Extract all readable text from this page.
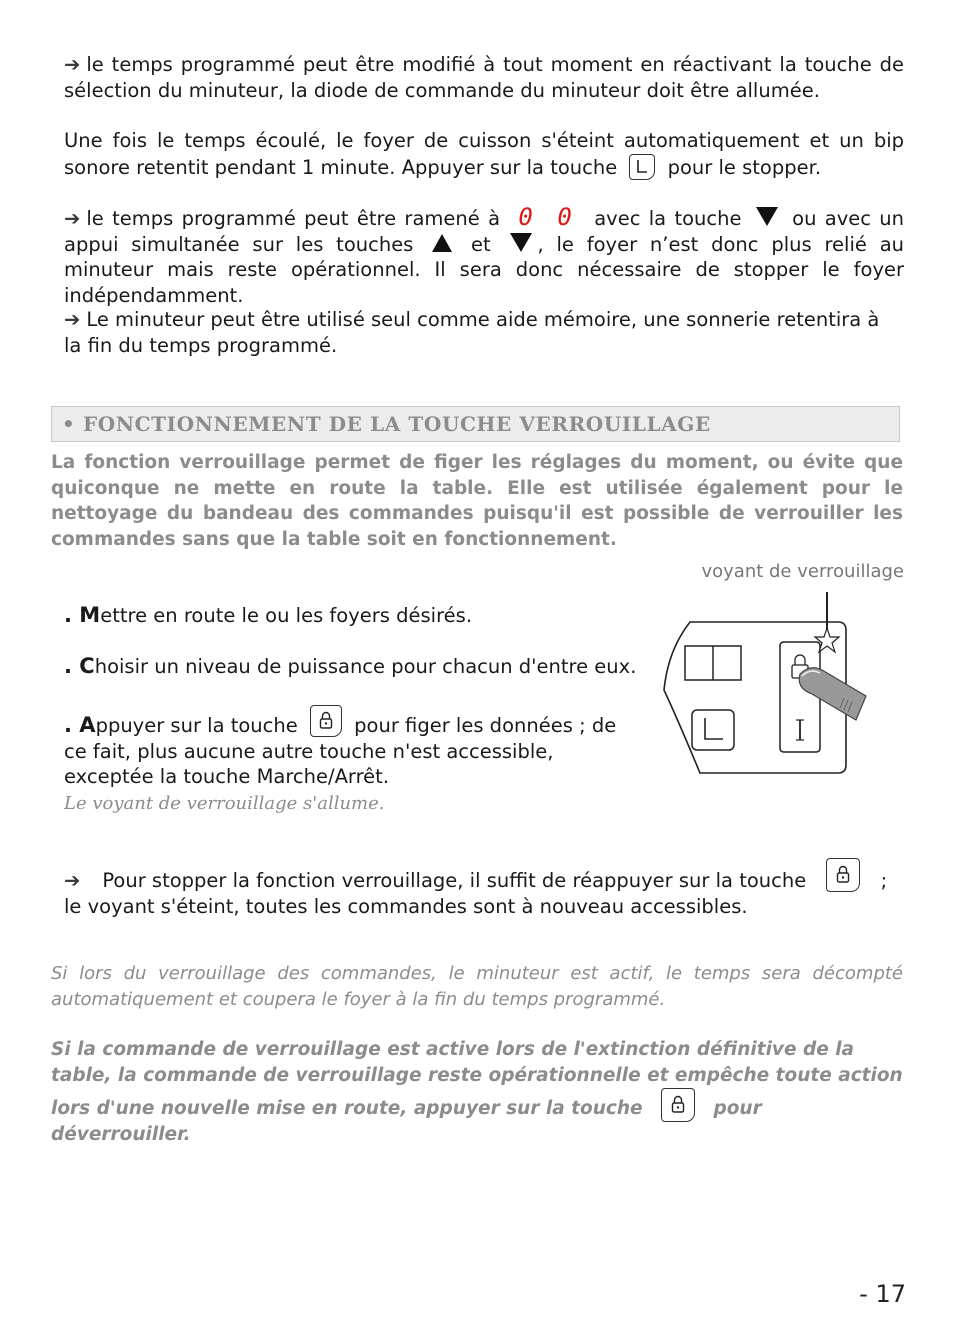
➔ le temps programmé peut être modifié à tout moment en réactivant la touche de sélection du minuteur, la diode de commande du minuteur doit être allumée.
Une fois le temps écoulé, le foyer de cuisson s'éteint automatiquement et un bip sonore retentit pendant 1 minute. Appuyer sur la touche	pour le stopper.
➔ le temps programmé peut être ramené à 0 0 avec la touche	ou avec un appui simultanée sur les touches	et , le foyer n’est donc plus relié au minuteur mais reste opérationnel. Il sera donc nécessaire de stopper le foyer indépendamment.
➔ Le minuteur peut être utilisé seul comme aide mémoire, une sonnerie retentira à la fin du temps programmé.
• FONCTIONNEMENT DE LA TOUCHE VERROUILLAGE
La fonction verrouillage permet de figer les réglages du moment, ou évite que quiconque ne mette en route la table. Elle est utilisée également pour le nettoyage du bandeau des commandes puisqu'il est possible de verrouiller les commandes sans que la table soit en fonctionnement.
voyant de verrouillage
. Mettre en route le ou les foyers désirés.
. Choisir un niveau de puissance pour chacun d'entre eux.
. Appuyer sur la touche	pour figer les données ; de ce fait, plus aucune autre touche n'est accessible, exceptée la touche Marche/Arrêt.
Le voyant de verrouillage s'allume.
➔ Pour stopper la fonction verrouillage, il suffit de réappuyer sur la touche	; le voyant s'éteint, toutes les commandes sont à nouveau accessibles.
Si lors du verrouillage des commandes, le minuteur est actif, le temps sera décompté automatiquement et coupera le foyer à la fin du temps programmé.
Si la commande de verrouillage est active lors de l'extinction définitive de la table, la commande de verrouillage reste opérationnelle et empêche toute action lors d'une nouvelle mise en route, appuyer sur la touche	pour déverrouiller.
- 17
